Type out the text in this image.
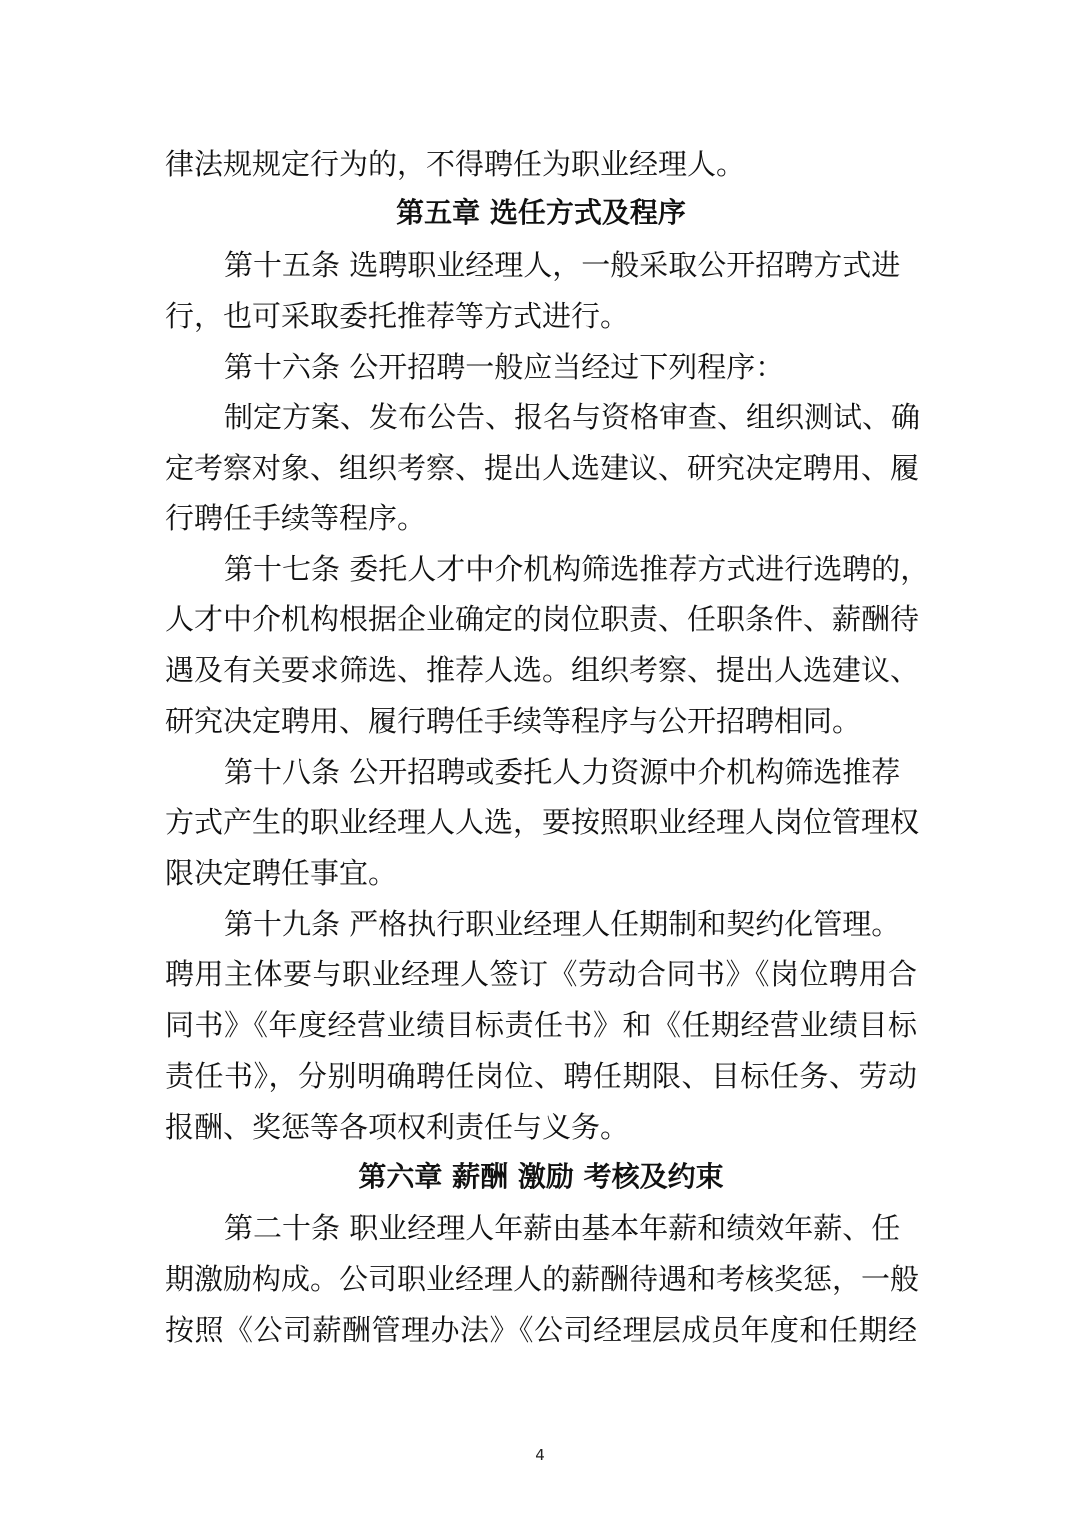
律法规规定行为的，不得聘任为职业经理人。
第五章 选任方式及程序
第十五条 选聘职业经理人，一般采取公开招聘方式进
行，也可采取委托推荐等方式进行。
第十六条 公开招聘一般应当经过下列程序：
制定方案、发布公告、报名与资格审查、组织测试、确
定考察对象、组织考察、提出人选建议、研究决定聘用、履
行聘任手续等程序。
第十七条 委托人才中介机构筛选推荐方式进行选聘的，
人才中介机构根据企业确定的岗位职责、任职条件、薪酬待
遇及有关要求筛选、推荐人选。组织考察、提出人选建议、
研究决定聘用、履行聘任手续等程序与公开招聘相同。
第十八条 公开招聘或委托人力资源中介机构筛选推荐
方式产生的职业经理人人选，要按照职业经理人岗位管理权
限决定聘任事宜。
第十九条 严格执行职业经理人任期制和契约化管理。
聘用主体要与职业经理人签订《劳动合同书》《岗位聘用合
同书》《年度经营业绩目标责任书》和《任期经营业绩目标
责任书》，分别明确聘任岗位、聘任期限、目标任务、劳动
报酬、奖惩等各项权利责任与义务。
第六章 薪酬 激励 考核及约束
第二十条 职业经理人年薪由基本年薪和绩效年薪、任
期激励构成。公司职业经理人的薪酬待遇和考核奖惩，一般
按照《公司薪酬管理办法》《公司经理层成员年度和任期经
4
